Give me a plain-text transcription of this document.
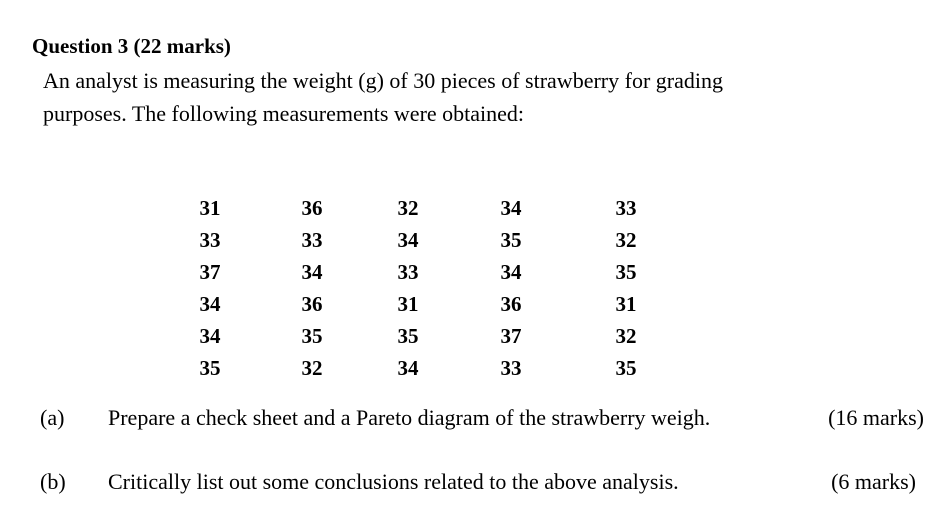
Question 3 (22 marks)
An analyst is measuring the weight (g) of 30 pieces of strawberry for grading
purposes. The following measurements were obtained:
31
33
37
34
34
35
36
33
34
36
35
32
32
34
33
31
35
34
34
35
34
36
37
33
33
32
35
31
32
35
(a) Prepare a check sheet and a Pareto diagram of the strawberry weigh.	(16 marks)
(b) Critically list out some conclusions related to the above analysis.	(6 marks)
